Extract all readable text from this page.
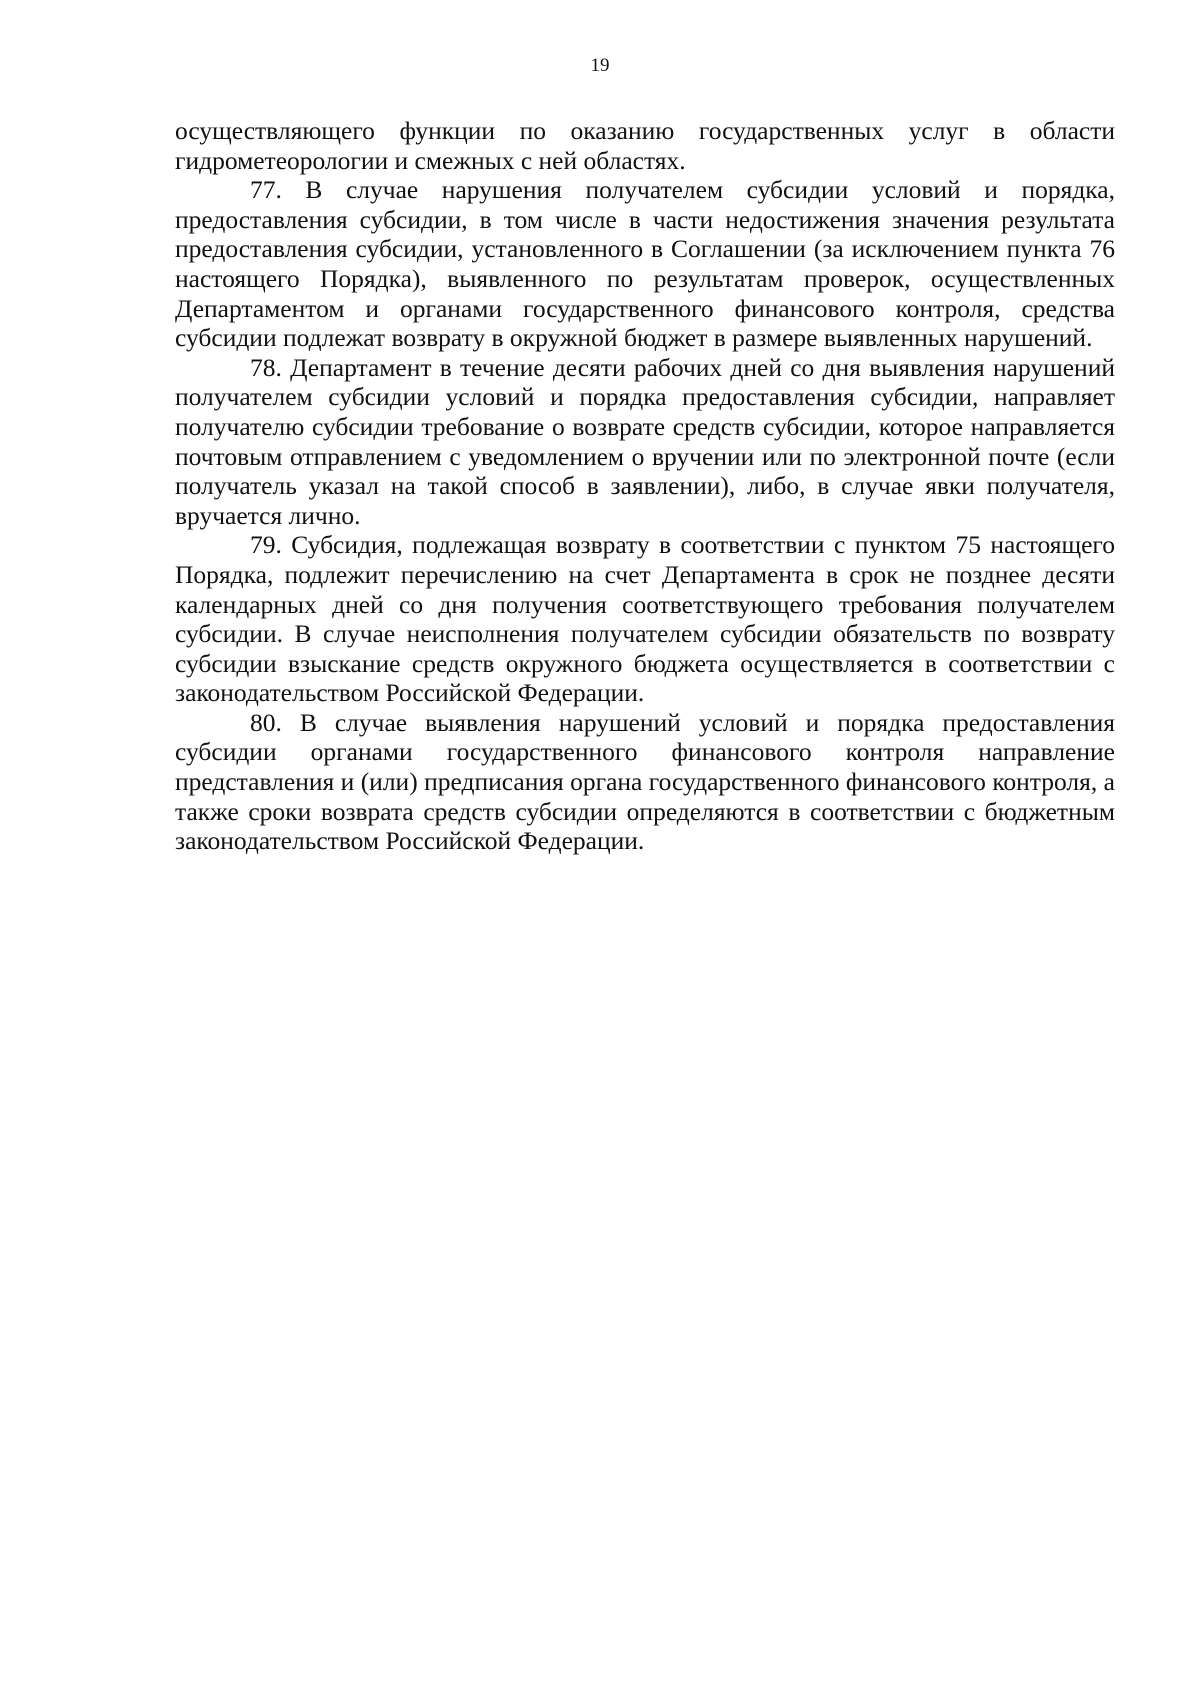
19

осуществляющего функции по оказанию государственных услуг в области гидрометеорологии и смежных с ней областях.

77. В случае нарушения получателем субсидии условий и порядка, предоставления субсидии, в том числе в части недостижения значения результата предоставления субсидии, установленного в Соглашении (за исключением пункта 76 настоящего Порядка), выявленного по результатам проверок, осуществленных Департаментом и органами государственного финансового контроля, средства субсидии подлежат возврату в окружной бюджет в размере выявленных нарушений.

78. Департамент в течение десяти рабочих дней со дня выявления нарушений получателем субсидии условий и порядка предоставления субсидии, направляет получателю субсидии требование о возврате средств субсидии, которое направляется почтовым отправлением с уведомлением о вручении или по электронной почте (если получатель указал на такой способ в заявлении), либо, в случае явки получателя, вручается лично.

79. Субсидия, подлежащая возврату в соответствии с пунктом 75 настоящего Порядка, подлежит перечислению на счет Департамента в срок не позднее десяти календарных дней со дня получения соответствующего требования получателем субсидии. В случае неисполнения получателем субсидии обязательств по возврату субсидии взыскание средств окружного бюджета осуществляется в соответствии с законодательством Российской Федерации.

80. В случае выявления нарушений условий и порядка предоставления субсидии органами государственного финансового контроля направление представления и (или) предписания органа государственного финансового контроля, а также сроки возврата средств субсидии определяются в соответствии с бюджетным законодательством Российской Федерации.
